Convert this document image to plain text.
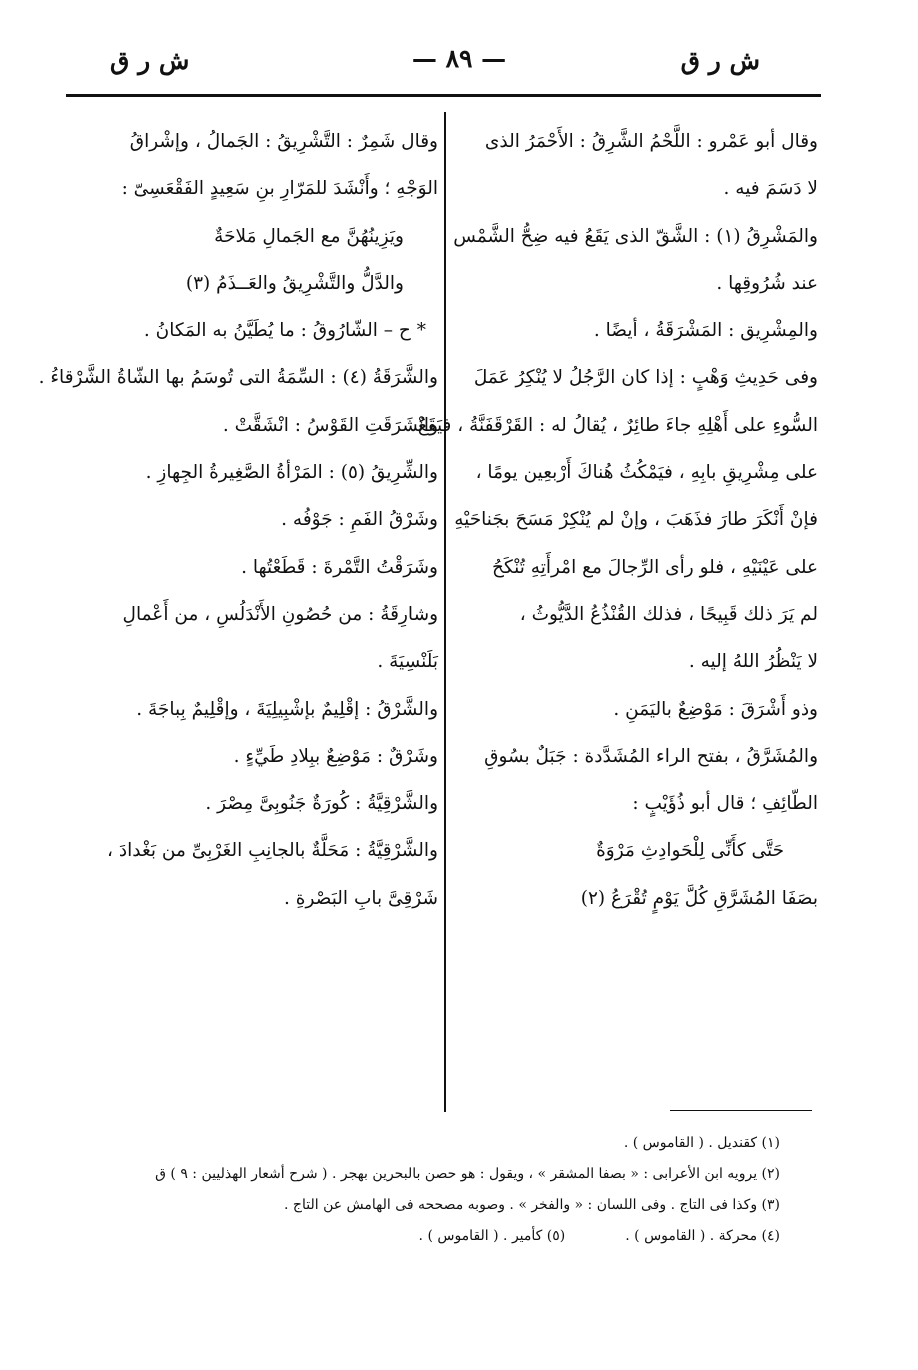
ش ر ق
— ٨٩ —
ش ر ق
وقال أبو عَمْرو : اللَّحْمُ الشَّرِقُ : الأَحْمَرُ الذى
لا دَسَمَ فيه .
والمَشْرِقُ (١) : الشَّقّ الذى يَقَعُ فيه ضِحُّ الشَّمْس
عند شُرُوقِها .
والمِشْرِيق : المَشْرَقَةُ ، أيضًا .
وفى حَدِيثِ وَهْبٍ : إذا كان الرَّجُلُ لا يُنْكِرُ عَمَلَ
السُّوءِ على أَهْلِهِ جاءَ طائِرٌ ، يُقالُ له : القَرْقَفَنَّةُ ، فيَقَعُ
على مِشْرِيقِ بابِهِ ، فيَمْكُثُ هُناكَ أَرْبعِين يومًا ،
فإنْ أَنْكَرَ طارَ فذَهَبَ ، وإنْ لم يُنْكِرْ مَسَحَ بجَناحَيْهِ
على عَيْنَيْهِ ، فلو رأى الرِّجالَ مع امْرأَتِهِ تُنْكَحُ
لم يَرَ ذلك قَبِيحًا ، فذلك القُنْذُعُ الدَّيُّوثُ ،
لا يَنْظُرُ اللهُ إليه .
وذو أَشْرَقَ : مَوْضِعٌ باليَمَنِ .
والمُشَرَّقُ ، بفتح الراء المُشَدَّدة : جَبَلٌ بسُوقِ
الطّائِفِ ؛ قال أبو ذُؤَيْبٍ :
حَتَّى كأَنِّى لِلْحَوادِثِ مَرْوَةٌ
بصَفَا المُشَرَّقِ كُلَّ يَوْمٍ تُقْرَعُ (٢)
وقال شَمِرٌ : التَّشْرِيقُ : الجَمالُ ، وإشْراقُ
الوَجْهِ ؛ وأَنْشَدَ للمَرّارِ بنِ سَعِيدٍ الفَقْعَسِىّ :
ويَزِينُهُنَّ مع الجَمالِ مَلاحَةٌ
والدَّلُّ والتَّشْرِيقُ والعَــذَمُ (٣)
* ح – الشّارُوقُ : ما يُطَيَّنُ به المَكانُ .
والشَّرَقَةُ (٤) : السِّمَةُ التى تُوسَمُ بها الشّاةُ الشَّرْقاءُ .
وانْشَرَقَتِ القَوْسُ : انْشَقَّتْ .
والشِّرِيقُ (٥) : المَرْأةُ الصَّغِيرةُ الجِهازِ .
وشَرْقُ الفَمِ : جَوْفُه .
وشَرَقْتُ التَّمْرةَ : قَطَعْتُها .
وشارِقَةُ : من حُصُونِ الأَنْدَلُسِ ، من أَعْمالِ
بَلَنْسِيَةَ .
والشَّرْقُ : إقْلِيمٌ بإشْبِيلِيَةَ ، وإقْلِيمٌ بِباجَةَ .
وشَرْقٌ : مَوْضِعٌ ببِلادِ طَيِّءٍ .
والشَّرْقِيَّةُ : كُورَةٌ جَنُوبِىَّ مِصْرَ .
والشَّرْقِيَّةُ : مَحَلَّةٌ بالجانِبِ الغَرْبِىِّ من بَغْدادَ ،
شَرْقِىَّ بابِ البَصْرةِ .
(١) كقنديل . ( القاموس ) .
(٢) يرويه ابن الأعرابى : « بصفا المشقر » ، ويقول : هو حصن بالبحرين بهجر . ( شرح أشعار الهذليين : ٩ ) ق
(٣) وكذا فى التاج . وفى اللسان : « والفخر » . وصوبه مصححه فى الهامش عن التاج .
(٤) محركة . ( القاموس ) .
(٥) كأمير . ( القاموس ) .
